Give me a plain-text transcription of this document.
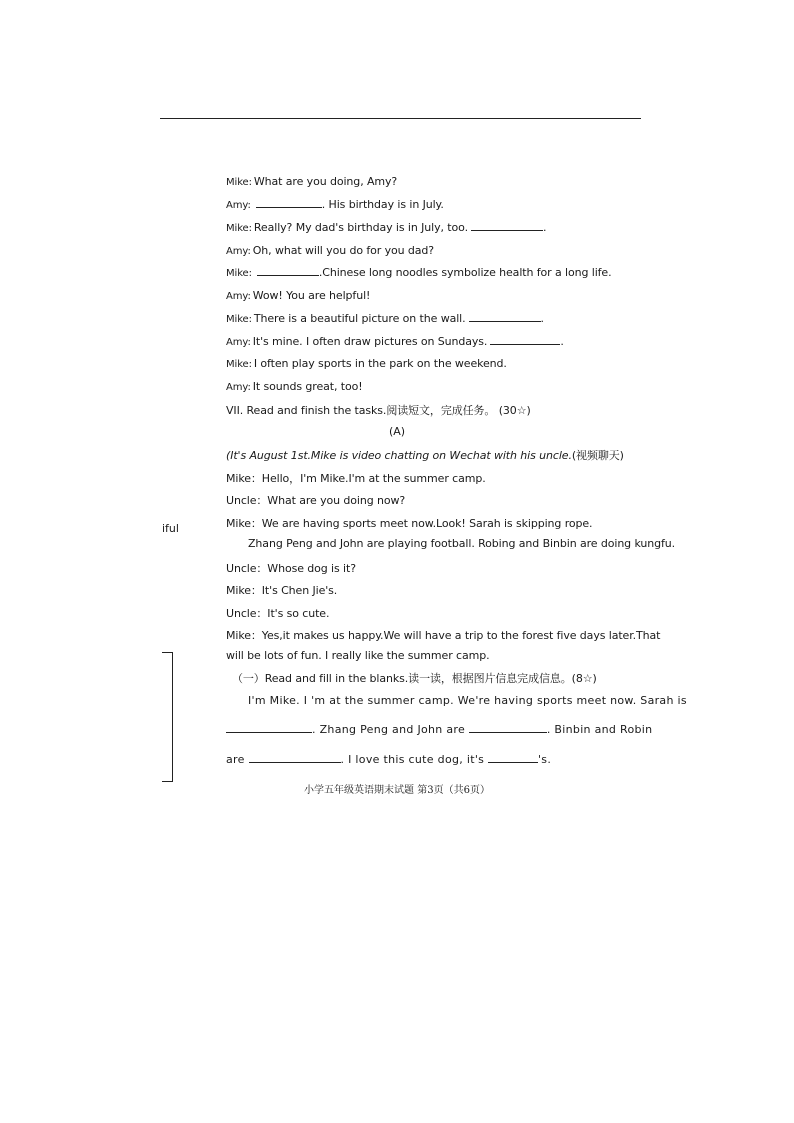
Mike: What are you doing, Amy?
Amy:	. His birthday is in July.
Mike: Really? My dad's birthday is in July, too.	.
Amy: Oh, what will you do for you dad?
Mike:	.Chinese long noodles symbolize health for a long life.
Amy: Wow! You are helpful!
Mike: There is a beautiful picture on the wall.	.
Amy: It's mine. I often draw pictures on Sundays.	.
Mike: I often play sports in the park on the weekend.
Amy: It sounds great, too!
VII. Read and finish the tasks.阅读短文，完成任务。 (30☆)
(A)
(It's August 1st.Mike is video chatting on Wechat with his uncle.(视频聊天)
Mike：Hello，I'm Mike.I'm at the summer camp.
Uncle：What are you doing now?
Mike：We are having sports meet now.Look! Sarah is skipping rope.
Zhang Peng and John are playing football. Robing and Binbin are doing kungfu.
Uncle：Whose dog is it?
Mike：It's Chen Jie's.
Uncle：It's so cute.
Mike：Yes,it makes us happy.We will have a trip to the forest five days later.That
will be lots of fun. I really like the summer camp.
iful
（一）Read and fill in the blanks.读一读，根据图片信息完成信息。(8☆)
I'm Mike. I 'm at the summer camp. We're having sports meet now. Sarah is
. Zhang Peng and John are	. Binbin and Robin
are	. I love this cute dog, it's	's.
小学五年级英语期末试题 第3页（共6页）
